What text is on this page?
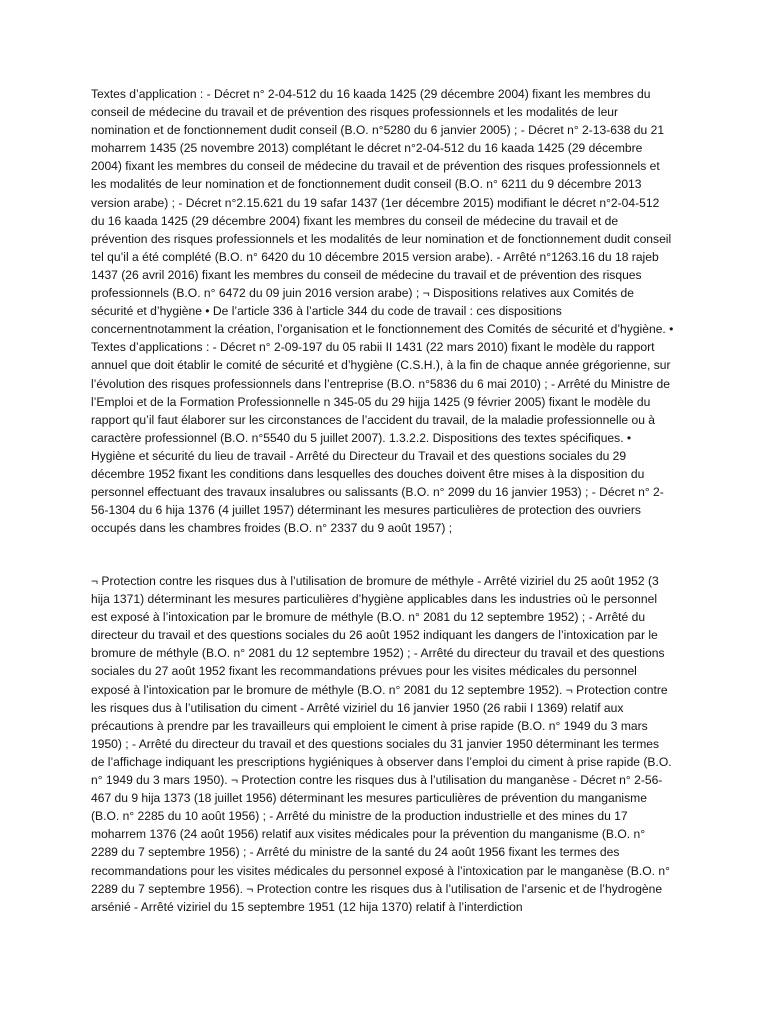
Textes d’application : - Décret n° 2-04-512 du 16 kaada 1425 (29 décembre 2004) fixant les membres du conseil de médecine du travail et de prévention des risques professionnels et les modalités de leur nomination et de fonctionnement dudit conseil (B.O. n°5280 du 6 janvier 2005) ; - Décret n° 2-13-638 du 21 moharrem 1435 (25 novembre 2013) complétant le décret n°2-04-512 du 16 kaada 1425 (29 décembre 2004) fixant les membres du conseil de médecine du travail et de prévention des risques professionnels et les modalités de leur nomination et de fonctionnement dudit conseil (B.O. n° 6211 du 9 décembre 2013 version arabe) ; - Décret n°2.15.621 du 19 safar 1437 (1er décembre 2015) modifiant le décret n°2-04-512 du 16 kaada 1425 (29 décembre 2004) fixant les membres du conseil de médecine du travail et de prévention des risques professionnels et les modalités de leur nomination et de fonctionnement dudit conseil tel qu’il a été complété (B.O. n° 6420 du 10 décembre 2015 version arabe). - Arrêté n°1263.16 du 18 rajeb 1437 (26 avril 2016) fixant les membres du conseil de médecine du travail et de prévention des risques professionnels (B.O. n° 6472 du 09 juin 2016 version arabe) ; ¬ Dispositions relatives aux Comités de sécurité et d’hygiène • De l’article 336 à l’article 344 du code de travail : ces dispositions concernentnotamment la création, l’organisation et le fonctionnement des Comités de sécurité et d’hygiène. • Textes d’applications : - Décret n° 2-09-197 du 05 rabii II 1431 (22 mars 2010) fixant le modèle du rapport annuel que doit établir le comité de sécurité et d’hygiène (C.S.H.), à la fin de chaque année grégorienne, sur l’évolution des risques professionnels dans l’entreprise (B.O. n°5836 du 6 mai 2010) ; - Arrêté du Ministre de l’Emploi et de la Formation Professionnelle n 345-05 du 29 hijja 1425 (9 février 2005) fixant le modèle du rapport qu’il faut élaborer sur les circonstances de l’accident du travail, de la maladie professionnelle ou à caractère professionnel (B.O. n°5540 du 5 juillet 2007). 1.3.2.2. Dispositions des textes spécifiques. • Hygiène et sécurité du lieu de travail - Arrêté du Directeur du Travail et des questions sociales du 29 décembre 1952 fixant les conditions dans lesquelles des douches doivent être mises à la disposition du personnel effectuant des travaux insalubres ou salissants (B.O. n° 2099 du 16 janvier 1953) ; - Décret n° 2-56-1304 du 6 hija 1376 (4 juillet 1957) déterminant les mesures particulières de protection des ouvriers occupés dans les chambres froides (B.O. n° 2337 du 9 août 1957) ;

¬ Protection contre les risques dus à l’utilisation de bromure de méthyle - Arrêté viziriel du 25 août 1952 (3 hija 1371) déterminant les mesures particulières d’hygiène applicables dans les industries où le personnel est exposé à l’intoxication par le bromure de méthyle (B.O. n° 2081 du 12 septembre 1952) ; - Arrêté du directeur du travail et des questions sociales du 26 août 1952 indiquant les dangers de l’intoxication par le bromure de méthyle (B.O. n° 2081 du 12 septembre 1952) ; - Arrêté du directeur du travail et des questions sociales du 27 août 1952 fixant les recommandations prévues pour les visites médicales du personnel exposé à l’intoxication par le bromure de méthyle (B.O. n° 2081 du 12 septembre 1952). ¬ Protection contre les risques dus à l’utilisation du ciment - Arrêté viziriel du 16 janvier 1950 (26 rabii I 1369) relatif aux précautions à prendre par les travailleurs qui emploient le ciment à prise rapide (B.O. n° 1949 du 3 mars 1950) ; - Arrêté du directeur du travail et des questions sociales du 31 janvier 1950 déterminant les termes de l’affichage indiquant les prescriptions hygiéniques à observer dans l’emploi du ciment à prise rapide (B.O. n° 1949 du 3 mars 1950). ¬ Protection contre les risques dus à l’utilisation du manganèse - Décret n° 2-56-467 du 9 hija 1373 (18 juillet 1956) déterminant les mesures particulières de prévention du manganisme (B.O. n° 2285 du 10 août 1956) ; - Arrêté du ministre de la production industrielle et des mines du 17 moharrem 1376 (24 août 1956) relatif aux visites médicales pour la prévention du manganisme (B.O. n° 2289 du 7 septembre 1956) ; - Arrêté du ministre de la santé du 24 août 1956 fixant les termes des recommandations pour les visites médicales du personnel exposé à l’intoxication par le manganèse (B.O. n° 2289 du 7 septembre 1956). ¬ Protection contre les risques dus à l’utilisation de l’arsenic et de l’hydrogène arsénié - Arrêté viziriel du 15 septembre 1951 (12 hija 1370) relatif à l’interdiction
